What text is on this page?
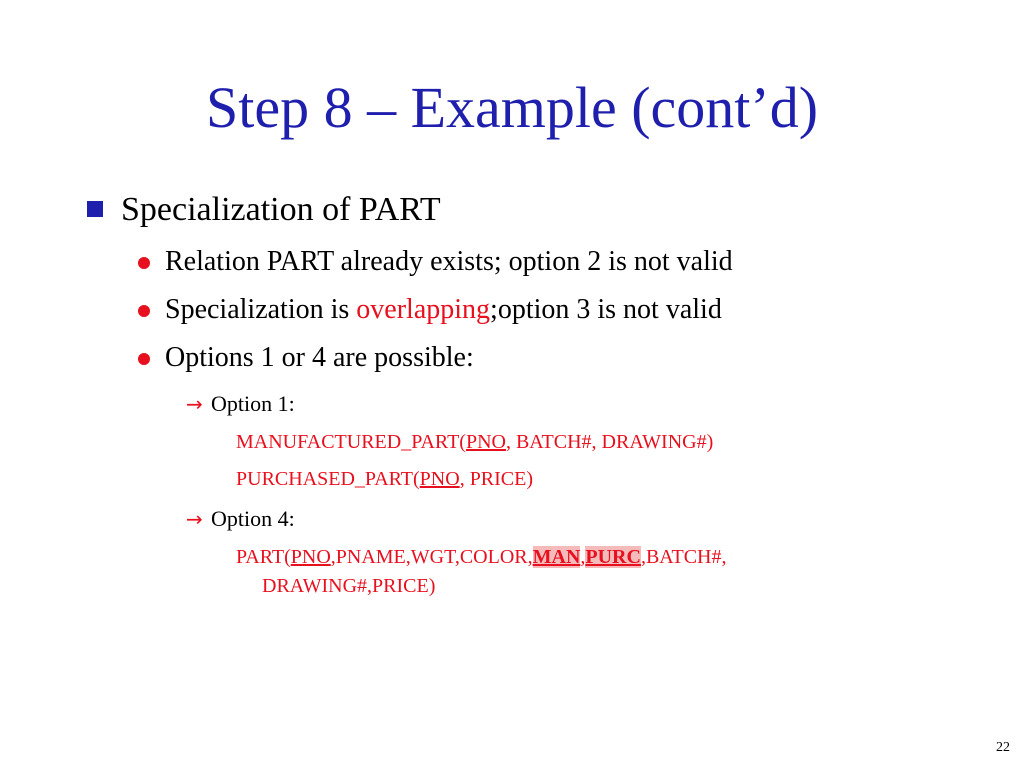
Step 8 – Example (cont’d)
Specialization of PART
Relation PART already exists; option 2 is not valid
Specialization is overlapping;option 3 is not valid
Options 1 or 4 are possible:
→ Option 1:
MANUFACTURED_PART(PNO, BATCH#, DRAWING#)
PURCHASED_PART(PNO, PRICE)
→ Option 4:
PART(PNO,PNAME,WGT,COLOR,MAN,PURC,BATCH#,
DRAWING#,PRICE)
22
